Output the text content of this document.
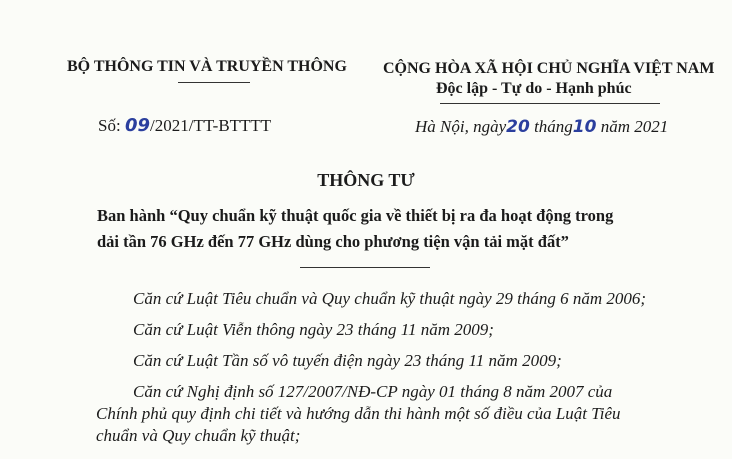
BỘ THÔNG TIN VÀ TRUYỀN THÔNG CỘNG HÒA XÃ HỘI CHỦ NGHĨA VIỆT NAM
Độc lập - Tự do - Hạnh phúc
Số: 09/2021/TT-BTTTT	Hà Nội, ngày20 tháng10 năm 2021
THÔNG TƯ
Ban hành “Quy chuẩn kỹ thuật quốc gia về thiết bị ra đa hoạt động trong
dải tần 76 GHz đến 77 GHz dùng cho phương tiện vận tải mặt đất”
Căn cứ Luật Tiêu chuẩn và Quy chuẩn kỹ thuật ngày 29 tháng 6 năm 2006;
Căn cứ Luật Viễn thông ngày 23 tháng 11 năm 2009;
Căn cứ Luật Tần số vô tuyến điện ngày 23 tháng 11 năm 2009;
Căn cứ Nghị định số 127/2007/NĐ-CP ngày 01 tháng 8 năm 2007 của
Chính phủ quy định chi tiết và hướng dẫn thi hành một số điều của Luật Tiêu
chuẩn và Quy chuẩn kỹ thuật;
